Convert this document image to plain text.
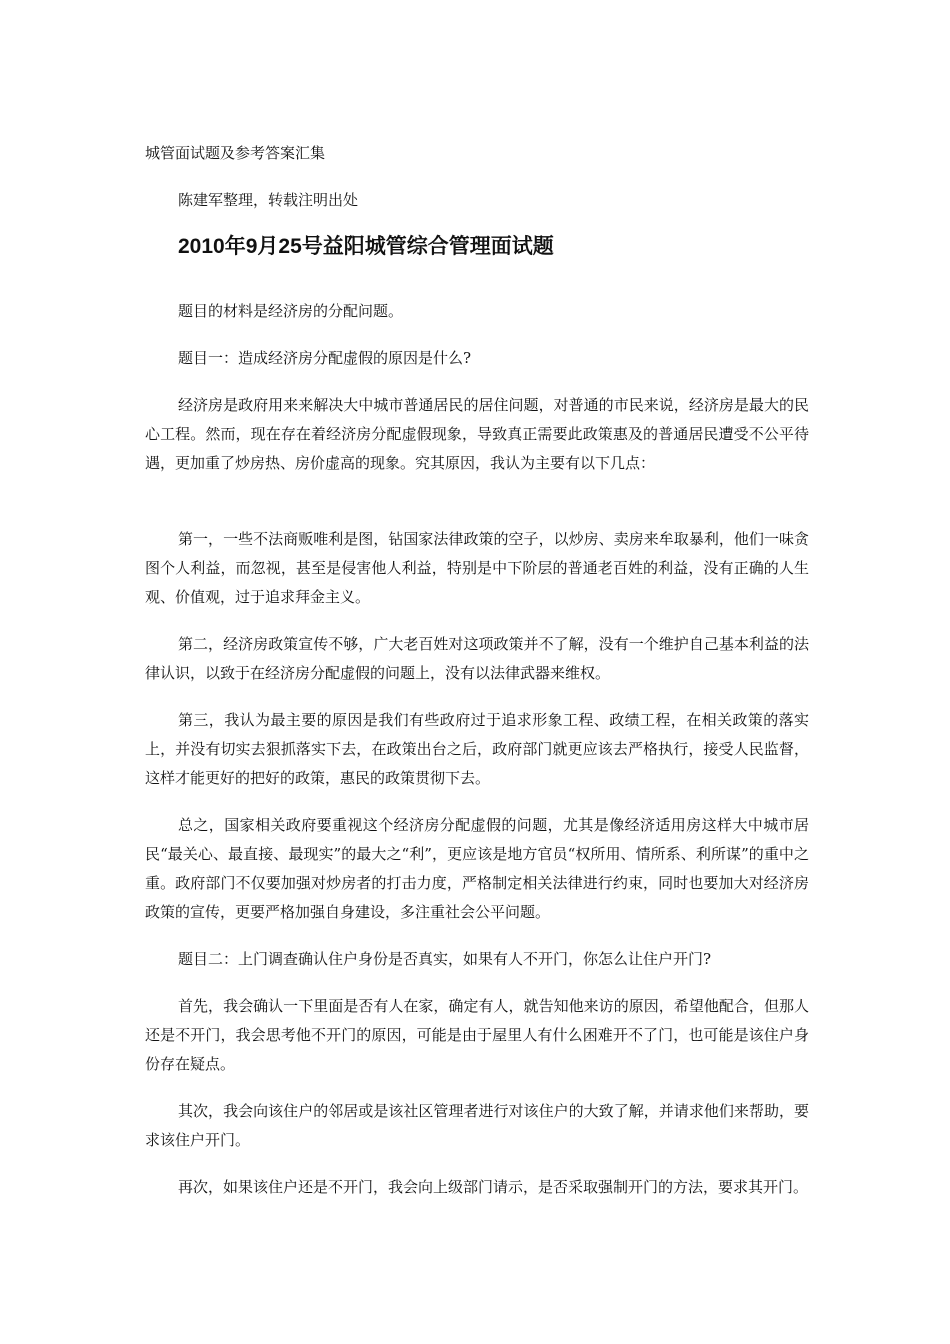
城管面试题及参考答案汇集

陈建军整理，转载注明出处

2010年9月25号益阳城管综合管理面试题

题目的材料是经济房的分配问题。

题目一：造成经济房分配虚假的原因是什么?

经济房是政府用来来解决大中城市普通居民的居住问题，对普通的市民来说，经济房是最大的民心工程。然而，现在存在着经济房分配虚假现象，导致真正需要此政策惠及的普通居民遭受不公平待遇，更加重了炒房热、房价虚高的现象。究其原因，我认为主要有以下几点：

第一，一些不法商贩唯利是图，钻国家法律政策的空子，以炒房、卖房来牟取暴利，他们一味贪图个人利益，而忽视，甚至是侵害他人利益，特别是中下阶层的普通老百姓的利益，没有正确的人生观、价值观，过于追求拜金主义。

第二，经济房政策宣传不够，广大老百姓对这项政策并不了解，没有一个维护自己基本利益的法律认识，以致于在经济房分配虚假的问题上，没有以法律武器来维权。

第三，我认为最主要的原因是我们有些政府过于追求形象工程、政绩工程，在相关政策的落实上，并没有切实去狠抓落实下去，在政策出台之后，政府部门就更应该去严格执行，接受人民监督，这样才能更好的把好的政策，惠民的政策贯彻下去。

总之，国家相关政府要重视这个经济房分配虚假的问题，尤其是像经济适用房这样大中城市居民“最关心、最直接、最现实”的最大之“利”，更应该是地方官员“权所用、情所系、利所谋”的重中之重。政府部门不仅要加强对炒房者的打击力度，严格制定相关法律进行约束，同时也要加大对经济房政策的宣传，更要严格加强自身建设，多注重社会公平问题。

题目二：上门调查确认住户身份是否真实，如果有人不开门，你怎么让住户开门?

首先，我会确认一下里面是否有人在家，确定有人，就告知他来访的原因，希望他配合，但那人还是不开门，我会思考他不开门的原因，可能是由于屋里人有什么困难开不了门，也可能是该住户身份存在疑点。

其次，我会向该住户的邻居或是该社区管理者进行对该住户的大致了解，并请求他们来帮助，要求该住户开门。

再次，如果该住户还是不开门，我会向上级部门请示，是否采取强制开门的方法，要求其开门。
